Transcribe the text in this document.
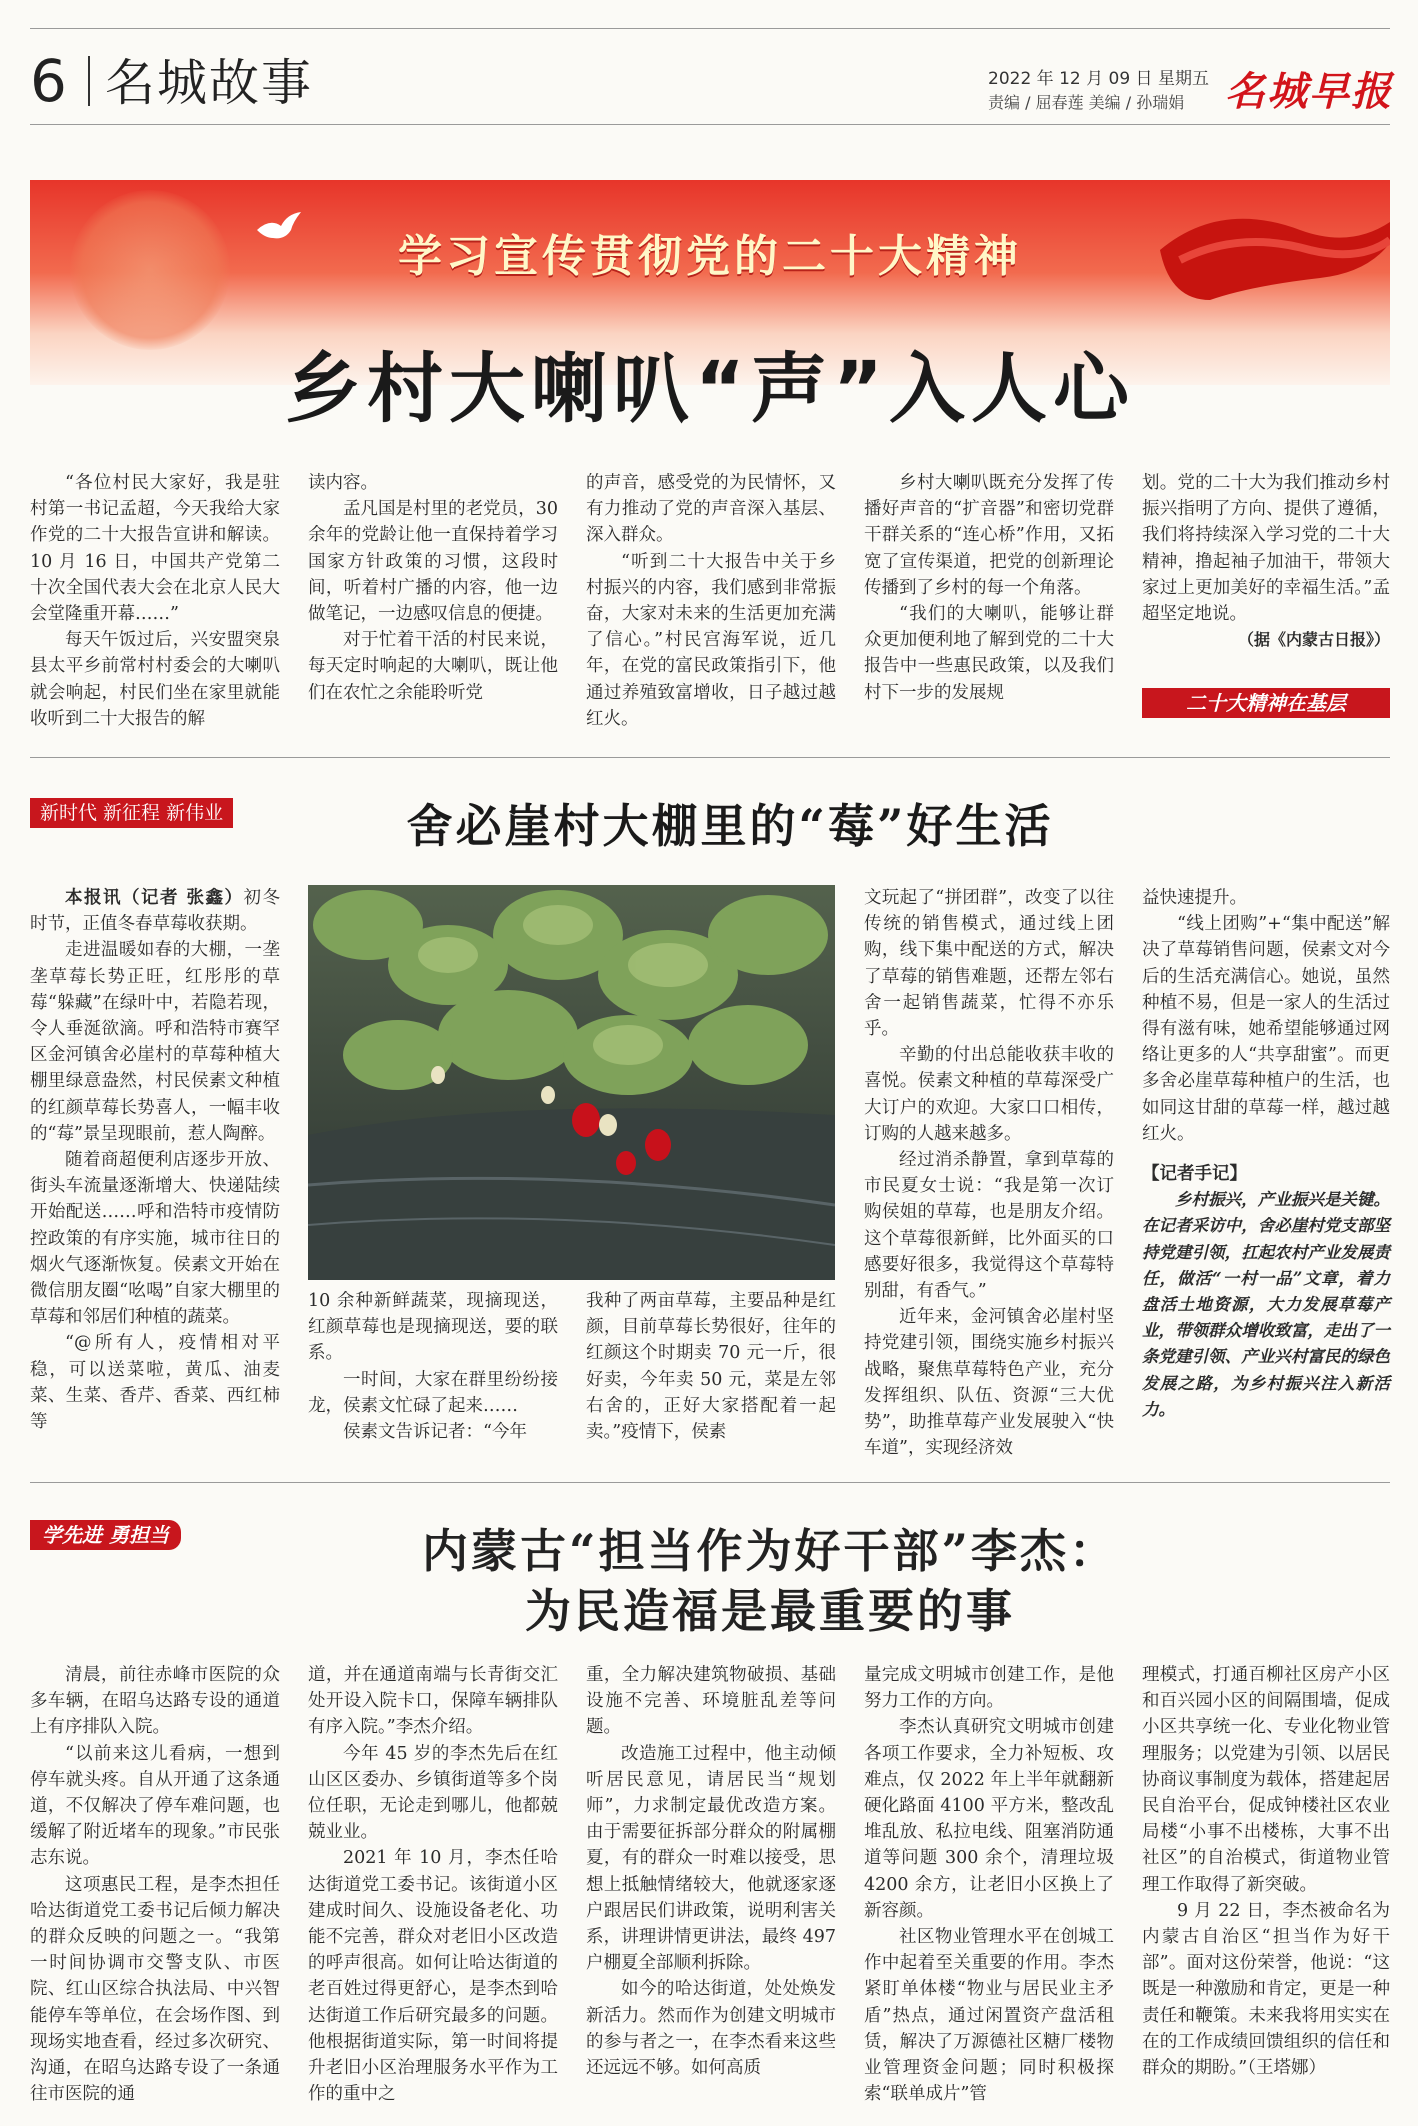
6 名城故事	2022 年 12 月 09 日 星期五
责编 / 屈春莲 美编 / 孙瑞娟 名城早报
学习宣传贯彻党的二十大精神
乡村大喇叭“声”入人心

“各位村民大家好，我是驻村第一书记孟超，今天我给大家作党的二十大报告宣讲和解读。10 月 16 日，中国共产党第二十次全国代表大会在北京人民大会堂隆重开幕……”

每天午饭过后，兴安盟突泉县太平乡前常村村委会的大喇叭就会响起，村民们坐在家里就能收听到二十大报告的解

读内容。

孟凡国是村里的老党员，30 余年的党龄让他一直保持着学习国家方针政策的习惯，这段时间，听着村广播的内容，他一边做笔记，一边感叹信息的便捷。

对于忙着干活的村民来说，每天定时响起的大喇叭，既让他们在农忙之余能聆听党

的声音，感受党的为民情怀，又有力推动了党的声音深入基层、深入群众。

“听到二十大报告中关于乡村振兴的内容，我们感到非常振奋，大家对未来的生活更加充满了信心。”村民宫海军说，近几年，在党的富民政策指引下，他通过养殖致富增收，日子越过越红火。

乡村大喇叭既充分发挥了传播好声音的“扩音器”和密切党群干群关系的“连心桥”作用，又拓宽了宣传渠道，把党的创新理论传播到了乡村的每一个角落。

“我们的大喇叭，能够让群众更加便利地了解到党的二十大报告中一些惠民政策，以及我们村下一步的发展规

划。党的二十大为我们推动乡村振兴指明了方向、提供了遵循，我们将持续深入学习党的二十大精神，撸起袖子加油干，带领大家过上更加美好的幸福生活。”孟超坚定地说。

（据《内蒙古日报》）

二十大精神在基层
新时代 新征程 新伟业	舍必崖村大棚里的“莓”好生活

本报讯（记者 张鑫）初冬时节，正值冬春草莓收获期。

走进温暖如春的大棚，一垄垄草莓长势正旺，红彤彤的草莓“躲藏”在绿叶中，若隐若现，令人垂涎欲滴。呼和浩特市赛罕区金河镇舍必崖村的草莓种植大棚里绿意盎然，村民侯素文种植的红颜草莓长势喜人，一幅丰收的“莓”景呈现眼前，惹人陶醉。

随着商超便利店逐步开放、街头车流量逐渐增大、快递陆续开始配送……呼和浩特市疫情防控政策的有序实施，城市往日的烟火气逐渐恢复。侯素文开始在微信朋友圈“吆喝”自家大棚里的草莓和邻居们种植的蔬菜。

“@所有人，疫情相对平稳，可以送菜啦，黄瓜、油麦菜、生菜、香芹、香菜、西红柿等

10 余种新鲜蔬菜，现摘现送，红颜草莓也是现摘现送，要的联系。

一时间，大家在群里纷纷接龙，侯素文忙碌了起来……

侯素文告诉记者：“今年

我种了两亩草莓，主要品种是红颜，目前草莓长势很好，往年的红颜这个时期卖 70 元一斤，很好卖，今年卖 50 元，菜是左邻右舍的，正好大家搭配着一起卖。”疫情下，侯素

文玩起了“拼团群”，改变了以往传统的销售模式，通过线上团购，线下集中配送的方式，解决了草莓的销售难题，还帮左邻右舍一起销售蔬菜，忙得不亦乐乎。

辛勤的付出总能收获丰收的喜悦。侯素文种植的草莓深受广大订户的欢迎。大家口口相传，订购的人越来越多。

经过消杀静置，拿到草莓的市民夏女士说：“我是第一次订购侯姐的草莓，也是朋友介绍。这个草莓很新鲜，比外面买的口感要好很多，我觉得这个草莓特别甜，有香气。”

近年来，金河镇舍必崖村坚持党建引领，围绕实施乡村振兴战略，聚焦草莓特色产业，充分发挥组织、队伍、资源“三大优势”，助推草莓产业发展驶入“快车道”，实现经济效

益快速提升。

“线上团购”+“集中配送”解决了草莓销售问题，侯素文对今后的生活充满信心。她说，虽然种植不易，但是一家人的生活过得有滋有味，她希望能够通过网络让更多的人“共享甜蜜”。而更多舍必崖草莓种植户的生活，也如同这甘甜的草莓一样，越过越红火。

【记者手记】

乡村振兴，产业振兴是关键。在记者采访中，舍必崖村党支部坚持党建引领，扛起农村产业发展责任，做活“一村一品”文章，着力盘活土地资源，大力发展草莓产业，带领群众增收致富，走出了一条党建引领、产业兴村富民的绿色发展之路，为乡村振兴注入新活力。

学先进 勇担当	内蒙古“担当作为好干部”李杰：
为民造福是最重要的事

清晨，前往赤峰市医院的众多车辆，在昭乌达路专设的通道上有序排队入院。

“以前来这儿看病，一想到停车就头疼。自从开通了这条通道，不仅解决了停车难问题，也缓解了附近堵车的现象。”市民张志东说。

这项惠民工程，是李杰担任哈达街道党工委书记后倾力解决的群众反映的问题之一。“我第一时间协调市交警支队、市医院、红山区综合执法局、中兴智能停车等单位，在会场作图、到现场实地查看，经过多次研究、沟通，在昭乌达路专设了一条通往市医院的通

道，并在通道南端与长青街交汇处开设入院卡口，保障车辆排队有序入院。”李杰介绍。

今年 45 岁的李杰先后在红山区区委办、乡镇街道等多个岗位任职，无论走到哪儿，他都兢兢业业。

2021 年 10 月，李杰任哈达街道党工委书记。该街道小区建成时间久、设施设备老化、功能不完善，群众对老旧小区改造的呼声很高。如何让哈达街道的老百姓过得更舒心，是李杰到哈达街道工作后研究最多的问题。他根据街道实际，第一时间将提升老旧小区治理服务水平作为工作的重中之

重，全力解决建筑物破损、基础设施不完善、环境脏乱差等问题。

改造施工过程中，他主动倾听居民意见，请居民当“规划师”，力求制定最优改造方案。由于需要征拆部分群众的附属棚夏，有的群众一时难以接受，思想上抵触情绪较大，他就逐家逐户跟居民们讲政策，说明利害关系，讲理讲情更讲法，最终 497 户棚夏全部顺利拆除。

如今的哈达街道，处处焕发新活力。然而作为创建文明城市的参与者之一，在李杰看来这些还远远不够。如何高质

量完成文明城市创建工作，是他努力工作的方向。

李杰认真研究文明城市创建各项工作要求，全力补短板、攻难点，仅 2022 年上半年就翻新硬化路面 4100 平方米，整改乱堆乱放、私拉电线、阻塞消防通道等问题 300 余个，清理垃圾 4200 余方，让老旧小区换上了新容颜。

社区物业管理水平在创城工作中起着至关重要的作用。李杰紧盯单体楼“物业与居民业主矛盾”热点，通过闲置资产盘活租赁，解决了万源德社区糖厂楼物业管理资金问题；同时积极探索“联单成片”管

理模式，打通百柳社区房产小区和百兴园小区的间隔围墙，促成小区共享统一化、专业化物业管理服务；以党建为引领、以居民协商议事制度为载体，搭建起居民自治平台，促成钟楼社区农业局楼“小事不出楼栋，大事不出社区”的自治模式，街道物业管理工作取得了新突破。

9 月 22 日，李杰被命名为内蒙古自治区“担当作为好干部”。面对这份荣誉，他说：“这既是一种激励和肯定，更是一种责任和鞭策。未来我将用实实在在的工作成绩回馈组织的信任和群众的期盼。”（王塔娜）
